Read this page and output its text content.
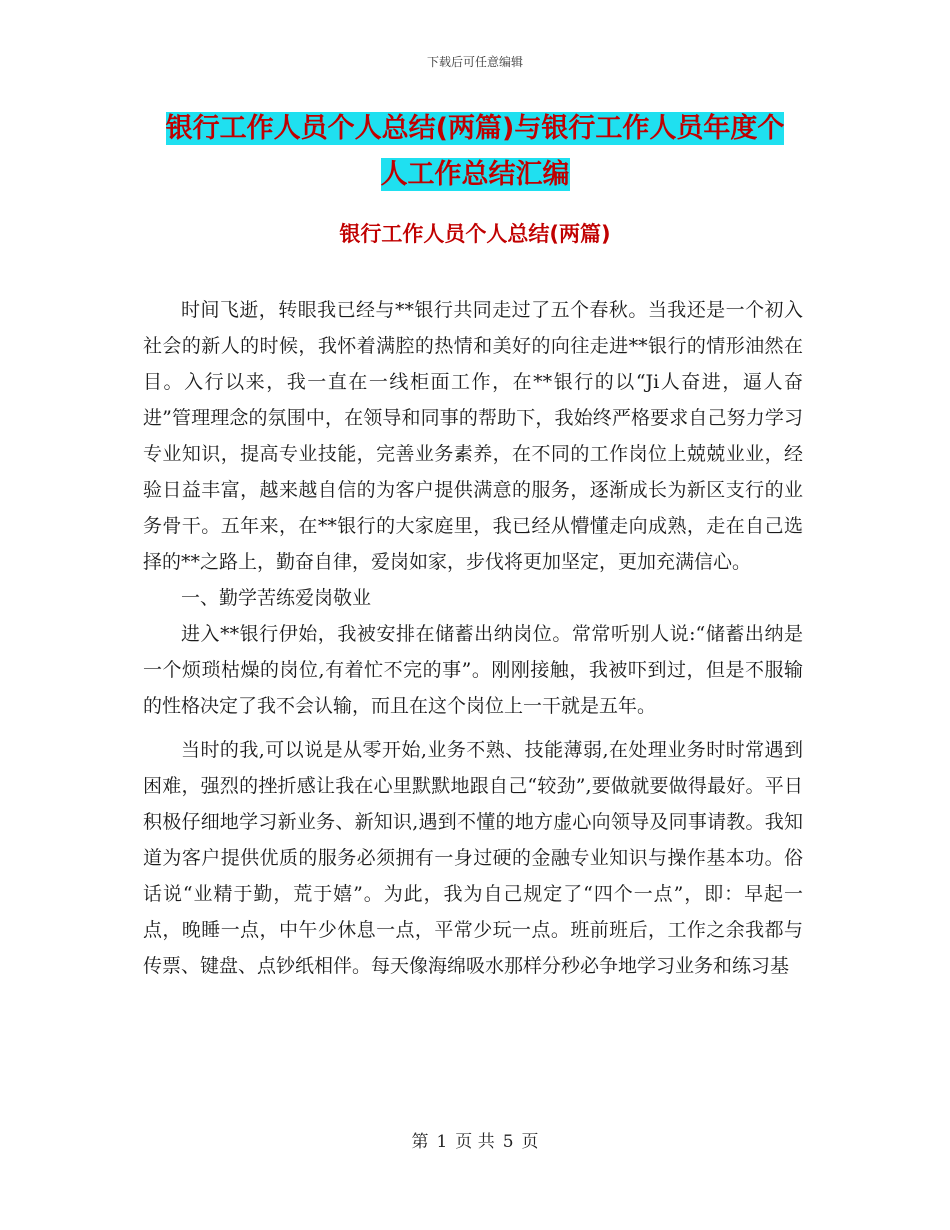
下载后可任意编辑
银行工作人员个人总结(两篇)与银行工作人员年度个
人工作总结汇编
银行工作人员个人总结(两篇)

时间飞逝，转眼我已经与**银行共同走过了五个春秋。当我还是一个初入社会的新人的时候，我怀着满腔的热情和美好的向往走进**银行的情形油然在目。入行以来，我一直在一线柜面工作，在**银行的以“Ji人奋进，逼人奋进”管理理念的氛围中，在领导和同事的帮助下，我始终严格要求自己努力学习专业知识，提高专业技能，完善业务素养，在不同的工作岗位上兢兢业业，经验日益丰富，越来越自信的为客户提供满意的服务，逐渐成长为新区支行的业务骨干。五年来，在**银行的大家庭里，我已经从懵懂走向成熟，走在自己选择的**之路上，勤奋自律，爱岗如家，步伐将更加坚定，更加充满信心。

一、勤学苦练爱岗敬业

进入**银行伊始，我被安排在储蓄出纳岗位。常常听别人说:“储蓄出纳是一个烦琐枯燥的岗位,有着忙不完的事”。刚刚接触，我被吓到过，但是不服输的性格决定了我不会认输，而且在这个岗位上一干就是五年。

当时的我,可以说是从零开始,业务不熟、技能薄弱,在处理业务时时常遇到困难，强烈的挫折感让我在心里默默地跟自己“较劲”,要做就要做得最好。平日积极仔细地学习新业务、新知识,遇到不懂的地方虚心向领导及同事请教。我知道为客户提供优质的服务必须拥有一身过硬的金融专业知识与操作基本功。俗话说“业精于勤，荒于嬉”。为此，我为自己规定了“四个一点”，即：早起一点，晚睡一点，中午少休息一点，平常少玩一点。班前班后，工作之余我都与传票、键盘、点钞纸相伴。每天像海绵吸水那样分秒必争地学习业务和练习基

第 1 页 共 5 页
